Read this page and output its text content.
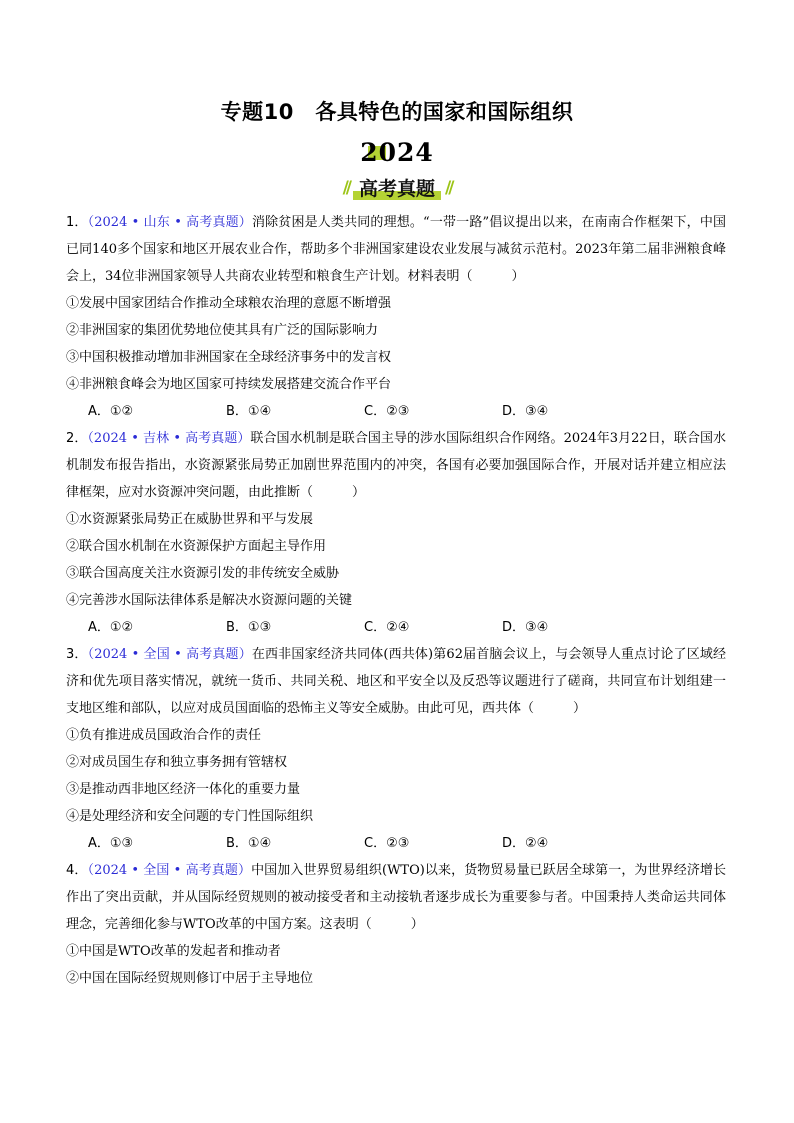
专题10　各具特色的国家和国际组织
2024
// 高考真题 //

1．（2024 • 山东 • 高考真题）消除贫困是人类共同的理想。“一带一路”倡议提出以来，在南南合作框架下，中国已同140多个国家和地区开展农业合作，帮助多个非洲国家建设农业发展与减贫示范村。2023年第二届非洲粮食峰会上，34位非洲国家领导人共商农业转型和粮食生产计划。材料表明（　　　）

①发展中国家团结合作推动全球粮农治理的意愿不断增强

②非洲国家的集团优势地位使其具有广泛的国际影响力

③中国积极推动增加非洲国家在全球经济事务中的发言权

④非洲粮食峰会为地区国家可持续发展搭建交流合作平台

A．①②	B．①④	C．②③	D．③④

2．（2024 • 吉林 • 高考真题）联合国水机制是联合国主导的涉水国际组织合作网络。2024年3月22日，联合国水机制发布报告指出，水资源紧张局势正加剧世界范围内的冲突，各国有必要加强国际合作，开展对话并建立相应法律框架，应对水资源冲突问题，由此推断（　　　）

①水资源紧张局势正在威胁世界和平与发展

②联合国水机制在水资源保护方面起主导作用

③联合国高度关注水资源引发的非传统安全威胁

④完善涉水国际法律体系是解决水资源问题的关键

A．①②	B．①③	C．②④	D．③④

3．（2024 • 全国 • 高考真题）在西非国家经济共同体(西共体)第62届首脑会议上，与会领导人重点讨论了区域经济和优先项目落实情况，就统一货币、共同关税、地区和平安全以及反恐等议题进行了磋商，共同宣布计划组建一支地区维和部队，以应对成员国面临的恐怖主义等安全威胁。由此可见，西共体（　　　）

①负有推进成员国政治合作的责任

②对成员国生存和独立事务拥有管辖权

③是推动西非地区经济一体化的重要力量

④是处理经济和安全问题的专门性国际组织

A．①③	B．①④	C．②③	D．②④

4．（2024 • 全国 • 高考真题）中国加入世界贸易组织(WTO)以来，货物贸易量已跃居全球第一，为世界经济增长作出了突出贡献，并从国际经贸规则的被动接受者和主动接轨者逐步成长为重要参与者。中国秉持人类命运共同体理念，完善细化参与WTO改革的中国方案。这表明（　　　）

①中国是WTO改革的发起者和推动者

②中国在国际经贸规则修订中居于主导地位
